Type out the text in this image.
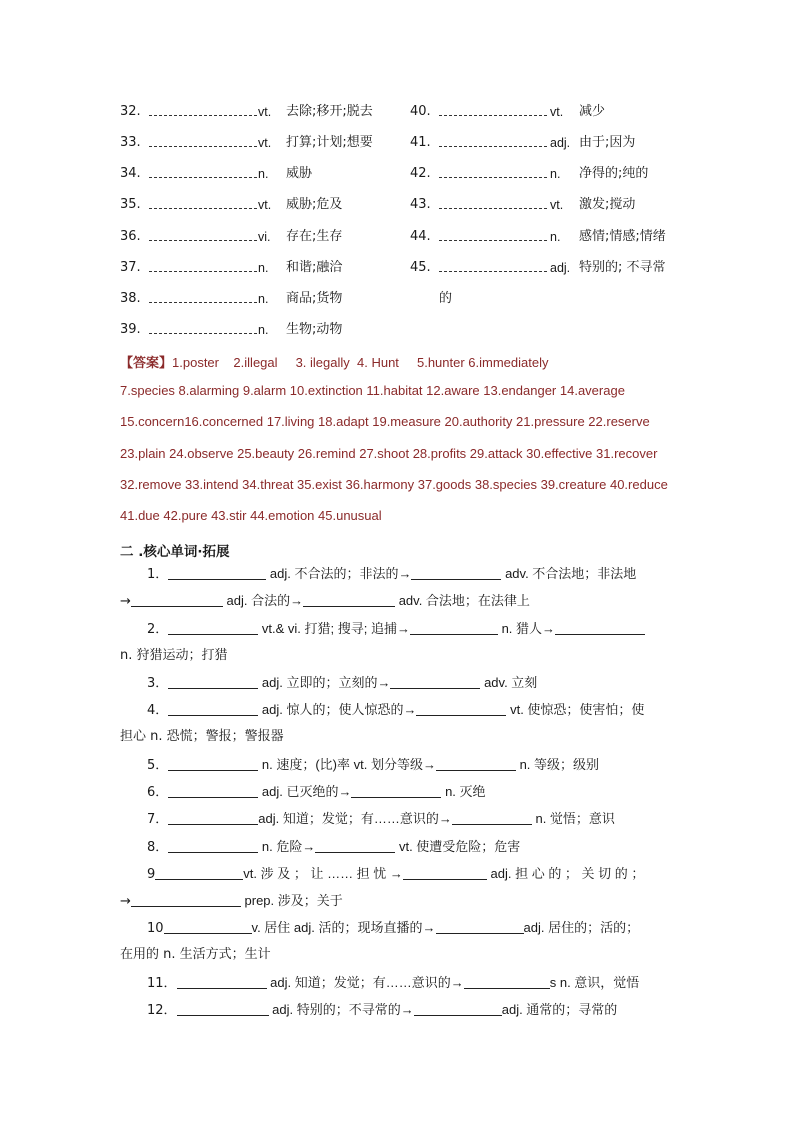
32.	vt. 去除;移开;脱去
33.	vt. 打算;计划;想要
34.	n. 威胁
35.	vt. 威胁;危及
36.	vi. 存在;生存
37.	n. 和谐;融洽
38.	n. 商品;货物
39.	n. 生物;动物
40.	vt. 减少
41.	adj. 由于;因为
42.	n. 净得的;纯的
43.	vt. 激发;搅动
44.	n. 感情;情感;情绪
45.	adj. 特别的; 不寻常
的
【答案】1.poster    2.illegal     3. ilegally  4. Hunt     5.hunter 6.immediately
7.species 8.alarming 9.alarm 10.extinction 11.habitat 12.aware 13.endanger 14.average
15.concern16.concerned 17.living 18.adapt 19.measure 20.authority 21.pressure 22.reserve
23.plain 24.observe 25.beauty 26.remind 27.shoot 28.profits 29.attack 30.effective 31.recover
32.remove 33.intend 34.threat 35.exist 36.harmony 37.goods 38.species 39.creature 40.reduce
41.due 42.pure 43.stir 44.emotion 45.unusual
二 .核心单词·拓展
1．	adj. 不合法的；非法的→	adv. 不合法地；非法地
→	adj. 合法的→	adv. 合法地；在法律上
2．	vt.& vi. 打猎; 搜寻; 追捕→	n. 猎人→
n. 狩猎运动；打猎
3．	adj. 立即的；立刻的→	adv. 立刻
4．	adj. 惊人的；使人惊恐的→	vt. 使惊恐；使害怕；使
担心 n. 恐慌；警报；警报器
5．	n. 速度；(比)率 vt. 划分等级→	n. 等级；级别
6．	adj. 已灭绝的→	n. 灭绝
7．	adj. 知道；发觉；有……意识的→	n. 觉悟；意识
8．	n. 危险→	vt. 使遭受危险；危害
9	vt. 涉 及 ； 让 …… 担 忧 →	adj. 担 心 的 ； 关 切 的 ；
→	prep. 涉及；关于
10	v. 居住 adj. 活的；现场直播的→	adj. 居住的；活的；
在用的 n. 生活方式；生计
11．	adj. 知道；发觉；有……意识的→	s n. 意识，觉悟
12．	adj. 特别的；不寻常的→	adj. 通常的；寻常的
